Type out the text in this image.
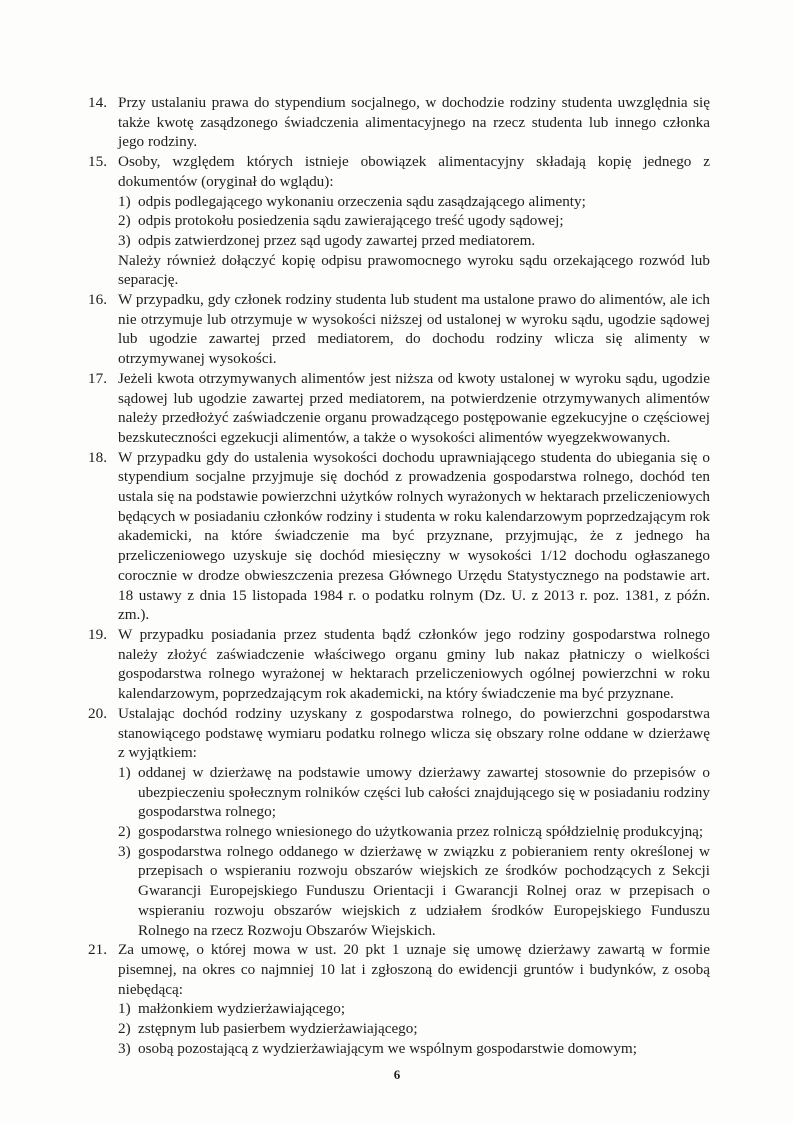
14. Przy ustalaniu prawa do stypendium socjalnego, w dochodzie rodziny studenta uwzględnia się także kwotę zasądzonego świadczenia alimentacyjnego na rzecz studenta lub innego członka jego rodziny.

15. Osoby, względem których istnieje obowiązek alimentacyjny składają kopię jednego z dokumentów (oryginał do wglądu):

1) odpis podlegającego wykonaniu orzeczenia sądu zasądzającego alimenty;
2) odpis protokołu posiedzenia sądu zawierającego treść ugody sądowej;
3) odpis zatwierdzonej przez sąd ugody zawartej przed mediatorem.

Należy również dołączyć kopię odpisu prawomocnego wyroku sądu orzekającego rozwód lub separację.

16. W przypadku, gdy członek rodziny studenta lub student ma ustalone prawo do alimentów, ale ich nie otrzymuje lub otrzymuje w wysokości niższej od ustalonej w wyroku sądu, ugodzie sądowej lub ugodzie zawartej przed mediatorem, do dochodu rodziny wlicza się alimenty w otrzymywanej wysokości.

17. Jeżeli kwota otrzymywanych alimentów jest niższa od kwoty ustalonej w wyroku sądu, ugodzie sądowej lub ugodzie zawartej przed mediatorem, na potwierdzenie otrzymywanych alimentów należy przedłożyć zaświadczenie organu prowadzącego postępowanie egzekucyjne o częściowej bezskuteczności egzekucji alimentów, a także o wysokości alimentów wyegzekwowanych.

18. W przypadku gdy do ustalenia wysokości dochodu uprawniającego studenta do ubiegania się o stypendium socjalne przyjmuje się dochód z prowadzenia gospodarstwa rolnego, dochód ten ustala się na podstawie powierzchni użytków rolnych wyrażonych w hektarach przeliczeniowych będących w posiadaniu członków rodziny i studenta w roku kalendarzowym poprzedzającym rok akademicki, na które świadczenie ma być przyznane, przyjmując, że z jednego ha przeliczeniowego uzyskuje się dochód miesięczny w wysokości 1/12 dochodu ogłaszanego corocznie w drodze obwieszczenia prezesa Głównego Urzędu Statystycznego na podstawie art. 18 ustawy z dnia 15 listopada 1984 r. o podatku rolnym (Dz. U. z 2013 r. poz. 1381, z późn. zm.).

19. W przypadku posiadania przez studenta bądź członków jego rodziny gospodarstwa rolnego należy złożyć zaświadczenie właściwego organu gminy lub nakaz płatniczy o wielkości gospodarstwa rolnego wyrażonej w hektarach przeliczeniowych ogólnej powierzchni w roku kalendarzowym, poprzedzającym rok akademicki, na który świadczenie ma być przyznane.

20. Ustalając dochód rodziny uzyskany z gospodarstwa rolnego, do powierzchni gospodarstwa stanowiącego podstawę wymiaru podatku rolnego wlicza się obszary rolne oddane w dzierżawę z wyjątkiem:

1) oddanej w dzierżawę na podstawie umowy dzierżawy zawartej stosownie do przepisów o ubezpieczeniu społecznym rolników części lub całości znajdującego się w posiadaniu rodziny gospodarstwa rolnego;
2) gospodarstwa rolnego wniesionego do użytkowania przez rolniczą spółdzielnię produkcyjną;
3) gospodarstwa rolnego oddanego w dzierżawę w związku z pobieraniem renty określonej w przepisach o wspieraniu rozwoju obszarów wiejskich ze środków pochodzących z Sekcji Gwarancji Europejskiego Funduszu Orientacji i Gwarancji Rolnej oraz w przepisach o wspieraniu rozwoju obszarów wiejskich z udziałem środków Europejskiego Funduszu Rolnego na rzecz Rozwoju Obszarów Wiejskich.
21. Za umowę, o której mowa w ust. 20 pkt 1 uznaje się umowę dzierżawy zawartą w formie pisemnej, na okres co najmniej 10 lat i zgłoszoną do ewidencji gruntów i budynków, z osobą niebędącą:

1) małżonkiem wydzierżawiającego;
2) zstępnym lub pasierbem wydzierżawiającego;
3) osobą pozostającą z wydzierżawiającym we wspólnym gospodarstwie domowym;
6
